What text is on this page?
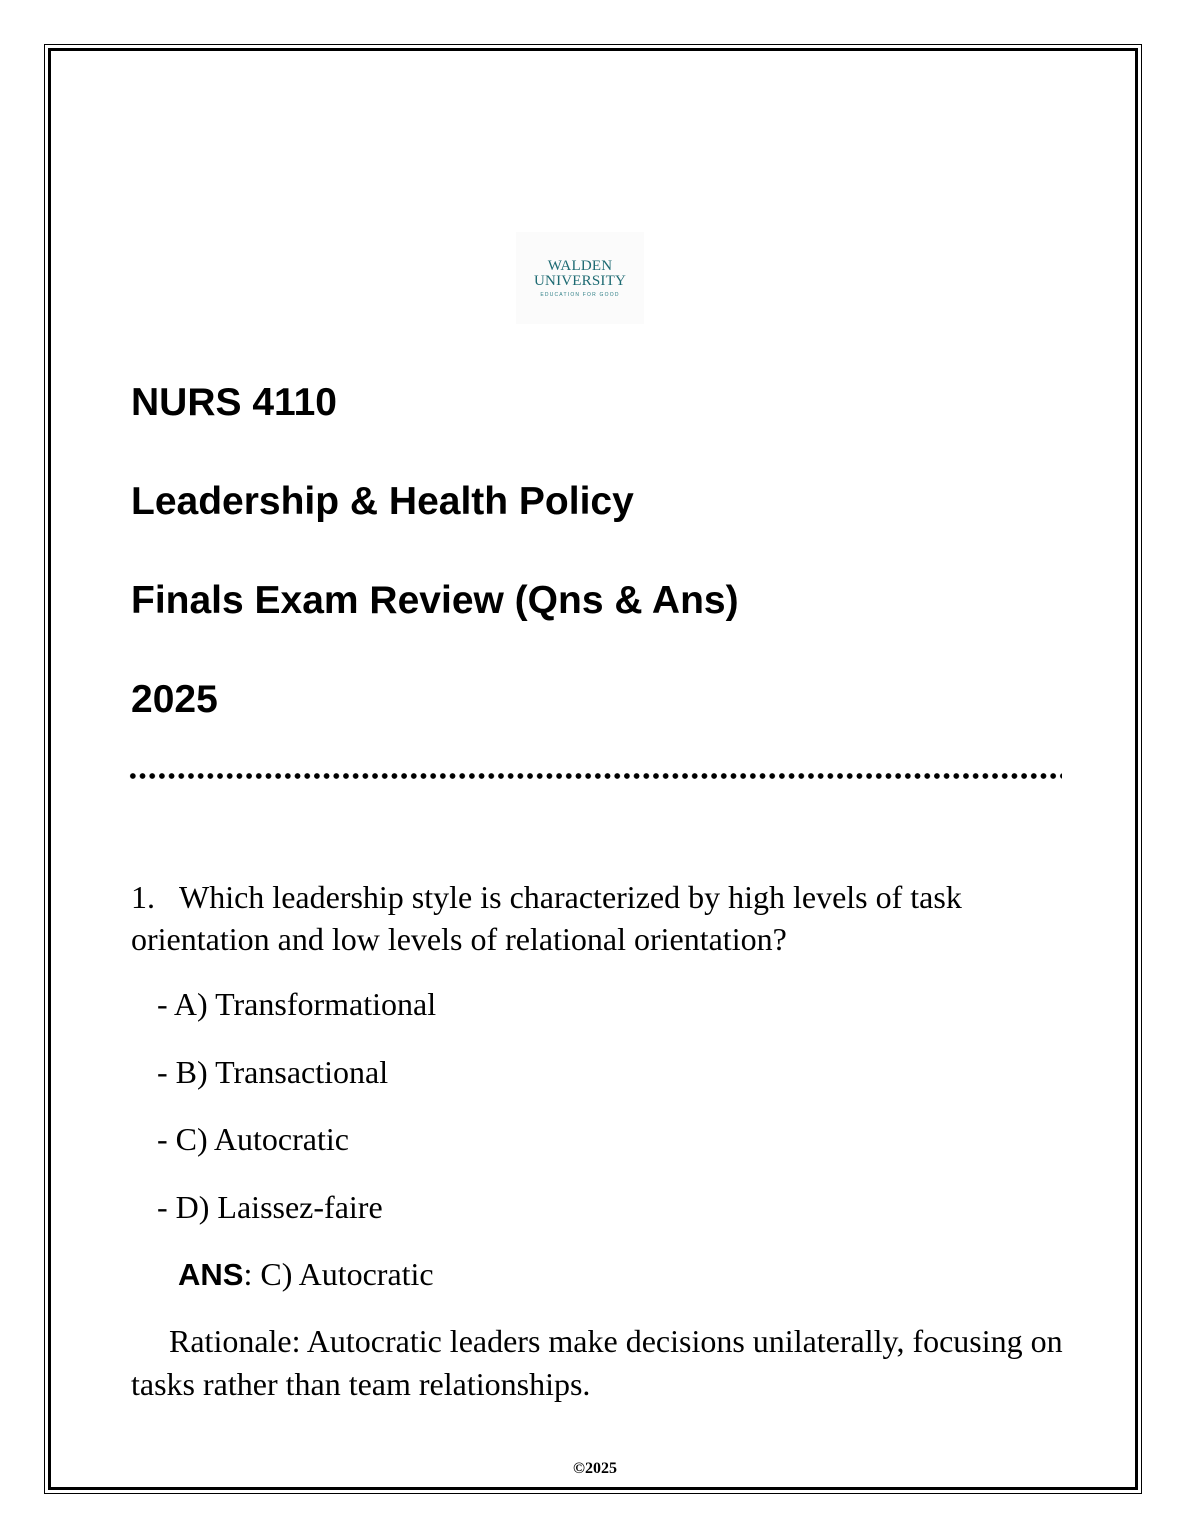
WALDEN
UNIVERSITY
EDUCATION FOR GOOD
NURS 4110
Leadership & Health Policy
Finals Exam Review (Qns & Ans)
2025
1. Which leadership style is characterized by high levels of task orientation and low levels of relational orientation?
- A) Transformational
- B) Transactional
- C) Autocratic
- D) Laissez-faire
ANS: C) Autocratic
Rationale: Autocratic leaders make decisions unilaterally, focusing on tasks rather than team relationships.
©2025
